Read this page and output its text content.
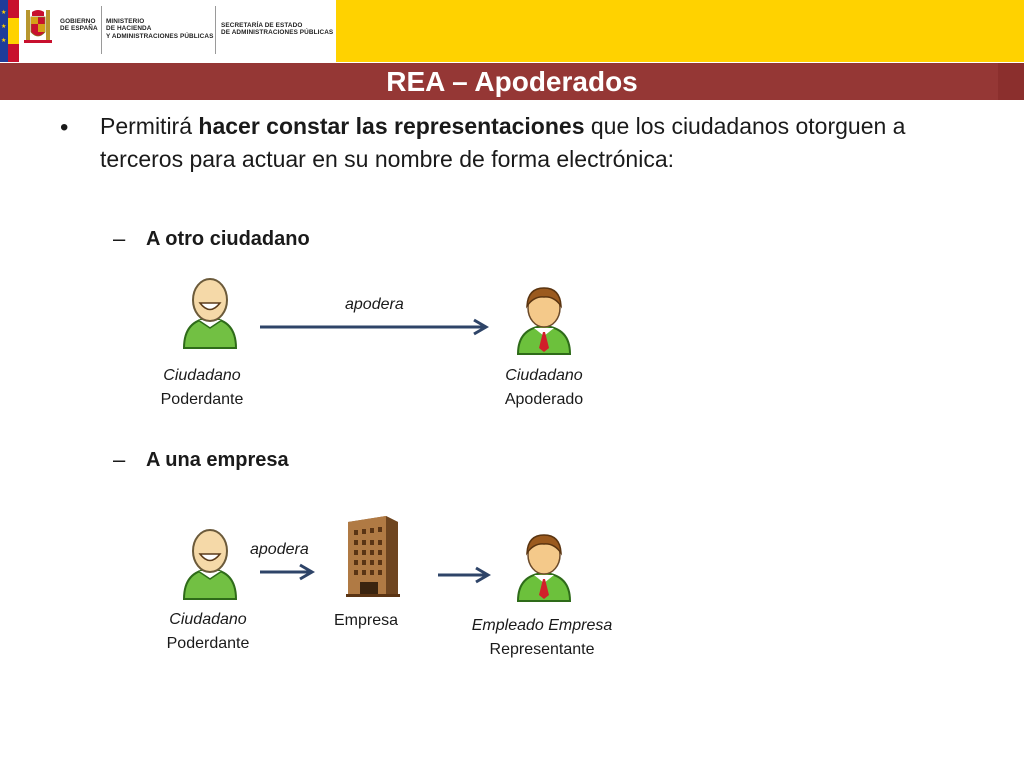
★
★
★
GOBIERNO
DE ESPAÑA
MINISTERIO
DE HACIENDA
Y ADMINISTRACIONES PÚBLICAS
SECRETARÍA DE ESTADO
DE ADMINISTRACIONES PÚBLICAS
REA – Apoderados
• Permitirá hacer constar las representaciones que los ciudadanos otorguen a terceros para actuar en su nombre de forma electrónica:
– A otro ciudadano
apodera
Ciudadano
Poderdante
Ciudadano
Apoderado
– A una empresa
apodera
Ciudadano
Poderdante
Empresa	Empleado Empresa
Representante
